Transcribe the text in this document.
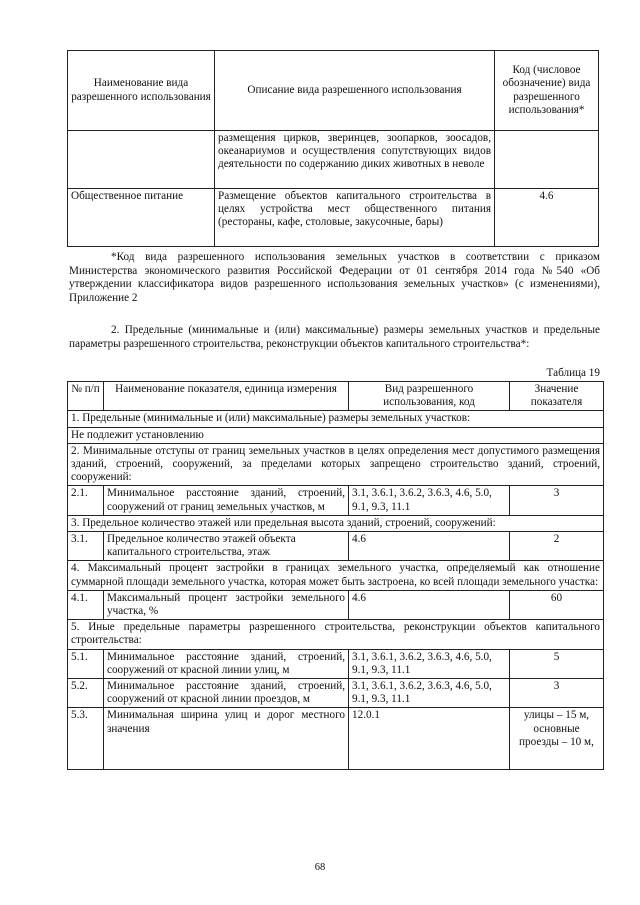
Наименование вида разрешенного использования	Описание вида разрешенного использования	Код (числовое обозначение) вида разрешенного использования*
	размещения цирков, зверинцев, зоопарков, зоосадов, океанариумов и осуществления сопутствующих видов деятельности по содержанию диких животных в неволе	
Общественное питание	Размещение объектов капитального строительства в целях устройства мест общественного питания (рестораны, кафе, столовые, закусочные, бары)	4.6
*Код вида разрешенного использования земельных участков в соответствии с приказом Министерства экономического развития Российской Федерации от 01 сентября 2014 года №540 «Об утверждении классификатора видов разрешенного использования земельных участков» (с изменениями), Приложение 2
2. Предельные (минимальные и (или) максимальные) размеры земельных участков и предельные параметры разрешенного строительства, реконструкции объектов капитального строительства*:
Таблица 19
№ п/п	Наименование показателя, единица измерения	Вид разрешенного использования, код	Значение показателя
1. Предельные (минимальные и (или) максимальные) размеры земельных участков:			
Не подлежит установлению			
2. Минимальные отступы от границ земельных участков в целях определения мест допустимого размещения зданий, строений, сооружений, за пределами которых запрещено строительство зданий, строений, сооружений:			
2.1.	Минимальное расстояние зданий, строений, сооружений от границ земельных участков, м	3.1, 3.6.1, 3.6.2, 3.6.3, 4.6, 5.0, 9.1, 9.3, 11.1	3
3. Предельное количество этажей или предельная высота зданий, строений, сооружений:			
3.1.	Предельное количество этажей объекта капитального строительства, этаж	4.6	2
4. Максимальный процент застройки в границах земельного участка, определяемый как отношение суммарной площади земельного участка, которая может быть застроена, ко всей площади земельного участка:			
4.1.	Максимальный процент застройки земельного участка, %	4.6	60
5. Иные предельные параметры разрешенного строительства, реконструкции объектов капитального строительства:			
5.1.	Минимальное расстояние зданий, строений, сооружений от красной линии улиц, м	3.1, 3.6.1, 3.6.2, 3.6.3, 4.6, 5.0, 9.1, 9.3, 11.1	5
5.2.	Минимальное расстояние зданий, строений, сооружений от красной линии проездов, м	3.1, 3.6.1, 3.6.2, 3.6.3, 4.6, 5.0, 9.1, 9.3, 11.1	3
5.3.	Минимальная ширина улиц и дорог местного значения	12.0.1	улицы – 15 м, основные проезды – 10 м,
68
